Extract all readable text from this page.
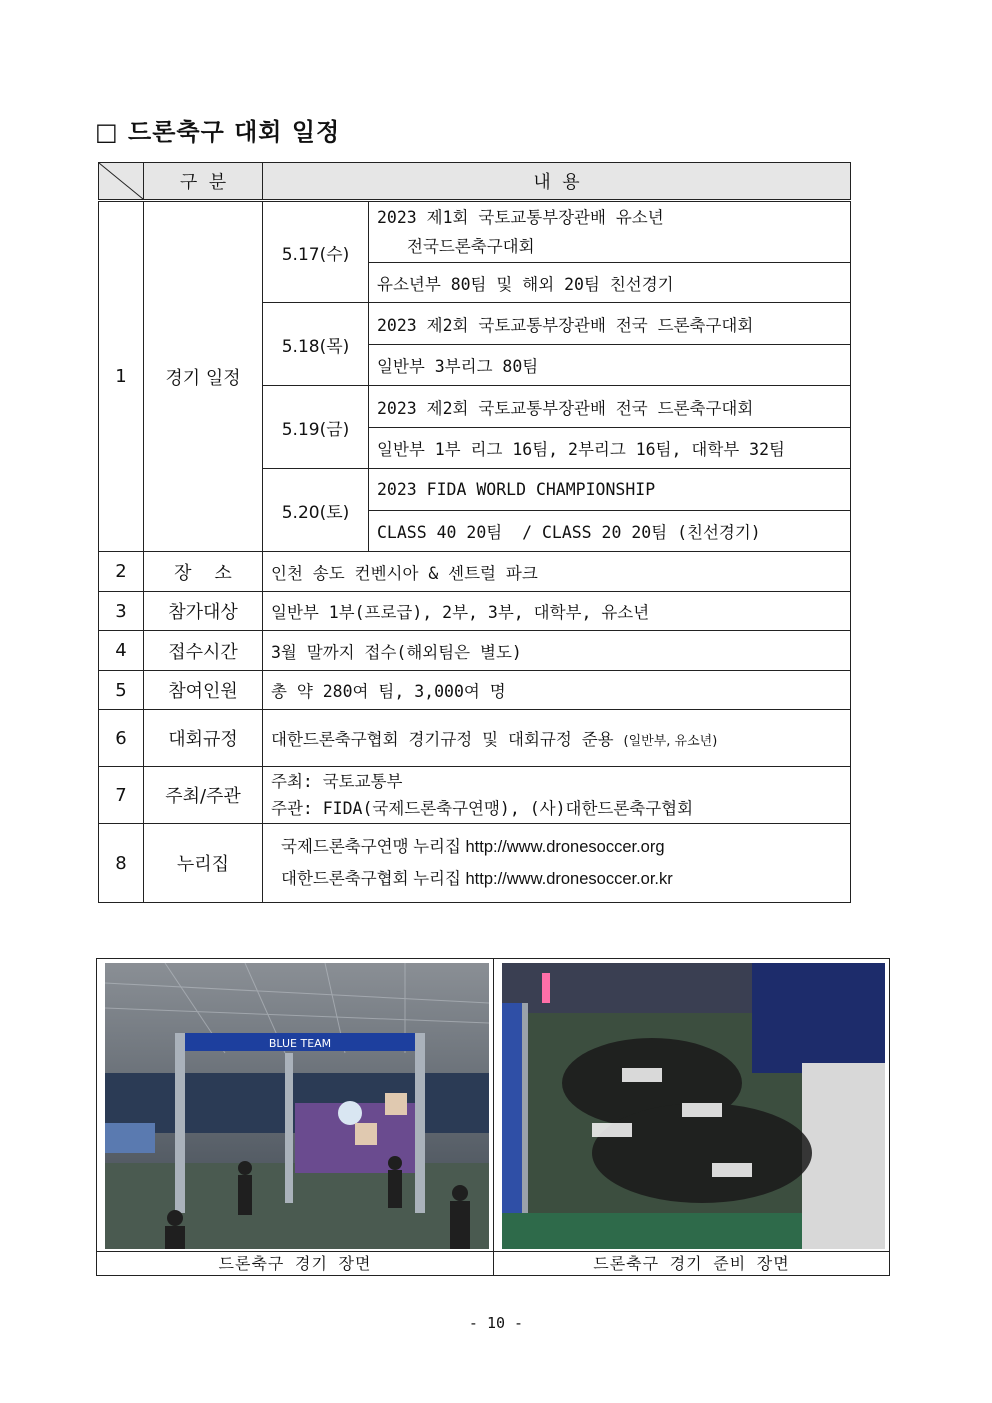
□ 드론축구 대회 일정
	구  분	내  용	
1	경기 일정	5.17(수)	2023 제1회 국토교통부장관배 유소년
전국드론축구대회

			유소년부 80팀 및 해외 20팀 친선경기
		5.18(목)	2023 제2회 국토교통부장관배 전국 드론축구대회
			일반부 3부리그 80팀
		5.19(금)	2023 제2회 국토교통부장관배 전국 드론축구대회
			일반부 1부 리그 16팀, 2부리그 16팀, 대학부 32팀
		5.20(토)	2023 FIDA WORLD CHAMPIONSHIP
			CLASS 40 20팀  / CLASS 20 20팀 (친선경기)
2	장    소	인천 송도 컨벤시아 & 센트럴 파크	
3	참가대상	일반부 1부(프로급), 2부, 3부, 대학부, 유소년	
4	접수시간	3월 말까지 접수(해외팀은 별도)	
5	참여인원	총 약 280여 팀, 3,000여 명	
6	대회규정	대한드론축구협회 경기규정 및 대회규정 준용 (일반부, 유소년)	
7	주최/주관	주최: 국토교통부
주관: FIDA(국제드론축구연맹), (사)대한드론축구협회	

8	누리집	국제드론축구연맹 누리집 http://www.dronesoccer.org
대한드론축구협회 누리집 http://www.dronesoccer.or.kr	
BLUE TEAM
드론축구 경기 장면	드론축구 경기 준비 장면
- 10 -
